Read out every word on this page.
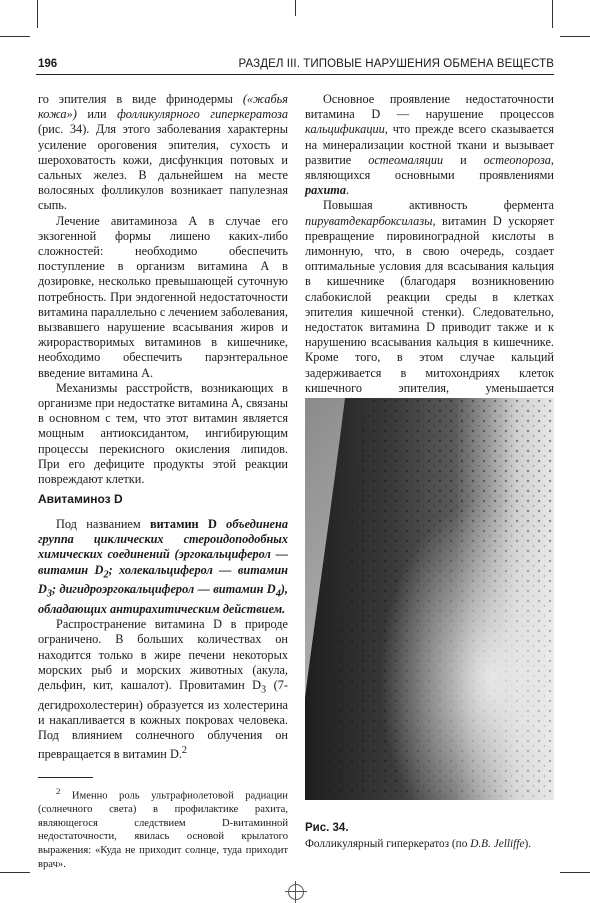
196	РАЗДЕЛ III. ТИПОВЫЕ НАРУШЕНИЯ ОБМЕНА ВЕЩЕСТВ

го эпителия в виде фринодермы («жабья кожа») или фолликулярного гиперкератоза (рис. 34). Для этого заболевания характерны усиление ороговения эпителия, сухость и шероховатость кожи, дисфункция потовых и сальных желез. В дальнейшем на месте волосяных фолликулов возникает папулезная сыпь.

Лечение авитаминоза А в случае его экзогенной формы лишено каких-либо сложностей: необходимо обеспечить поступление в организм витамина А в дозировке, несколько превышающей суточную потребность. При эндогенной недостаточности витамина параллельно с лечением заболевания, вызвавшего нарушение всасывания жиров и жирорастворимых витаминов в кишечнике, необходимо обеспечить парэнтеральное введение витамина А.

Механизмы расстройств, возникающих в организме при недостатке витамина А, связаны в основном с тем, что этот витамин является мощным антиоксидантом, ингибирующим процессы перекисного окисления липидов. При его дефиците продукты этой реакции повреждают клетки.

Авитаминоз D

Под названием витамин D объединена группа циклических стероидоподобных химических соединений (эргокальциферол — витамин $D_2$; холекальциферол — витамин $D_3$; дигидроэргокальциферол — витамин $D_4$), обладающих антирахитическим действием.

Распространение витамина D в природе ограничено. В больших количествах он находится только в жире печени некоторых морских рыб и морских животных (акула, дельфин, кит, кашалот). Провитамин $D_3$ (7-дегидрохолестерин) образуется из холестерина и накапливается в кожных покровах человека. Под влиянием солнечного облучения он превращается в витамин D.$^2$

$^2$ Именно роль ультрафиолетовой радиации (солнечного света) в профилактике рахита, являющегося следствием D-витаминной недостаточности, явилась основой крылатого выражения: «Куда не приходит солнце, туда приходит врач».

Основное проявление недостаточности витамина D — нарушение процессов кальцификации, что прежде всего сказывается на минерализации костной ткани и вызывает развитие остеомаляции и остеопороза, являющихся основными проявлениями рахита.

Повышая активность фермента пируватдекарбоксилазы, витамин D ускоряет превращение пировиноградной кислоты в лимонную, что, в свою очередь, создает оптимальные условия для всасывания кальция в кишечнике (благодаря возникновению слабокислой реакции среды в клетках эпителия кишечной стенки). Следовательно, недостаток витамина D приводит также и к нарушению всасывания кальция в кишечнике. Кроме того, в этом случае кальций задерживается в митохондриях клеток кишечного эпителия, уменьшается

Рис. 34.
Фолликулярный гиперкератоз (по D.B. Jelliffe).
